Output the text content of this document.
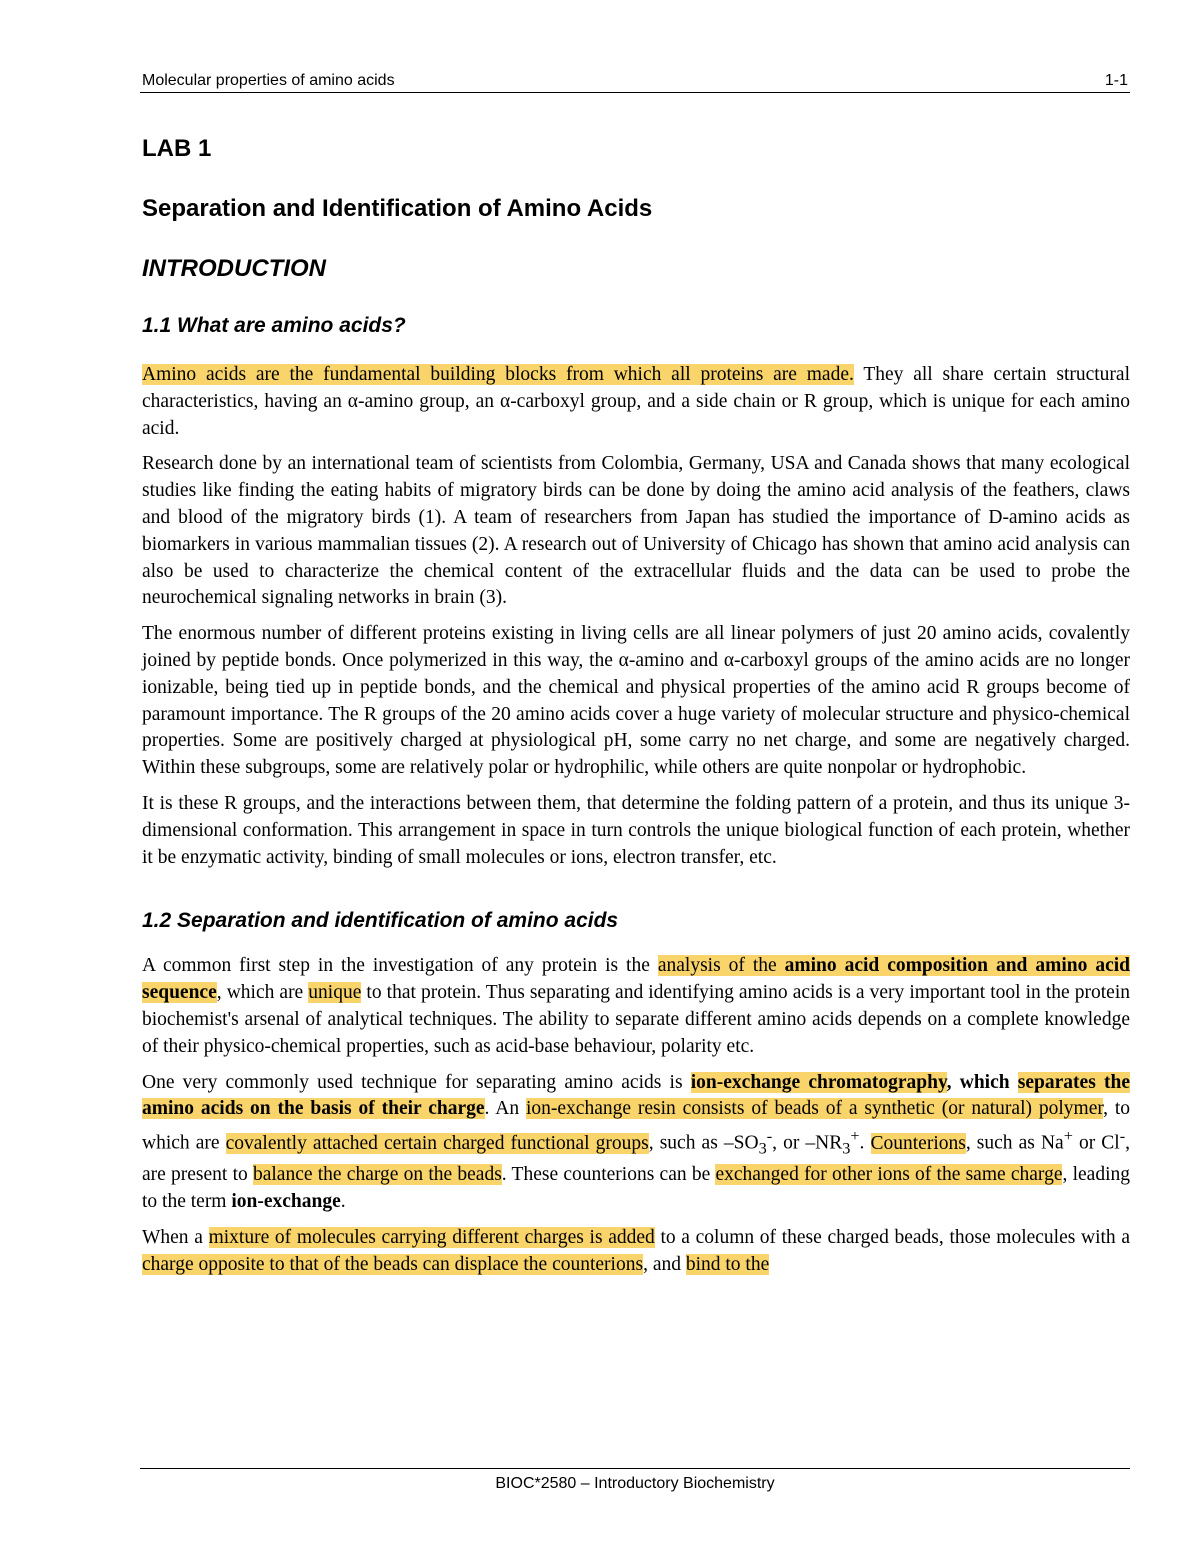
Molecular properties of amino acids	1-1
LAB 1
Separation and Identification of Amino Acids
INTRODUCTION
1.1 What are amino acids?

Amino acids are the fundamental building blocks from which all proteins are made. They all share certain structural characteristics, having an α-amino group, an α-carboxyl group, and a side chain or R group, which is unique for each amino acid.

Research done by an international team of scientists from Colombia, Germany, USA and Canada shows that many ecological studies like finding the eating habits of migratory birds can be done by doing the amino acid analysis of the feathers, claws and blood of the migratory birds (1). A team of researchers from Japan has studied the importance of D-amino acids as biomarkers in various mammalian tissues (2). A research out of University of Chicago has shown that amino acid analysis can also be used to characterize the chemical content of the extracellular fluids and the data can be used to probe the neurochemical signaling networks in brain (3).

The enormous number of different proteins existing in living cells are all linear polymers of just 20 amino acids, covalently joined by peptide bonds. Once polymerized in this way, the α-amino and α-carboxyl groups of the amino acids are no longer ionizable, being tied up in peptide bonds, and the chemical and physical properties of the amino acid R groups become of paramount importance. The R groups of the 20 amino acids cover a huge variety of molecular structure and physico-chemical properties. Some are positively charged at physiological pH, some carry no net charge, and some are negatively charged. Within these subgroups, some are relatively polar or hydrophilic, while others are quite nonpolar or hydrophobic.

It is these R groups, and the interactions between them, that determine the folding pattern of a protein, and thus its unique 3-dimensional conformation. This arrangement in space in turn controls the unique biological function of each protein, whether it be enzymatic activity, binding of small molecules or ions, electron transfer, etc.

1.2 Separation and identification of amino acids

A common first step in the investigation of any protein is the analysis of the amino acid composition and amino acid sequence, which are unique to that protein. Thus separating and identifying amino acids is a very important tool in the protein biochemist's arsenal of analytical techniques. The ability to separate different amino acids depends on a complete knowledge of their physico-chemical properties, such as acid-base behaviour, polarity etc.

One very commonly used technique for separating amino acids is ion-exchange chromatography, which separates the amino acids on the basis of their charge. An ion-exchange resin consists of beads of a synthetic (or natural) polymer, to which are covalently attached certain charged functional groups, such as $-SO_3^-$, or $-NR_3^+$. Counterions, such as Na+ or Cl-, are present to balance the charge on the beads. These counterions can be exchanged for other ions of the same charge, leading to the term ion-exchange.

When a mixture of molecules carrying different charges is added to a column of these charged beads, those molecules with a charge opposite to that of the beads can displace the counterions, and bind to the

BIOC*2580 – Introductory Biochemistry
